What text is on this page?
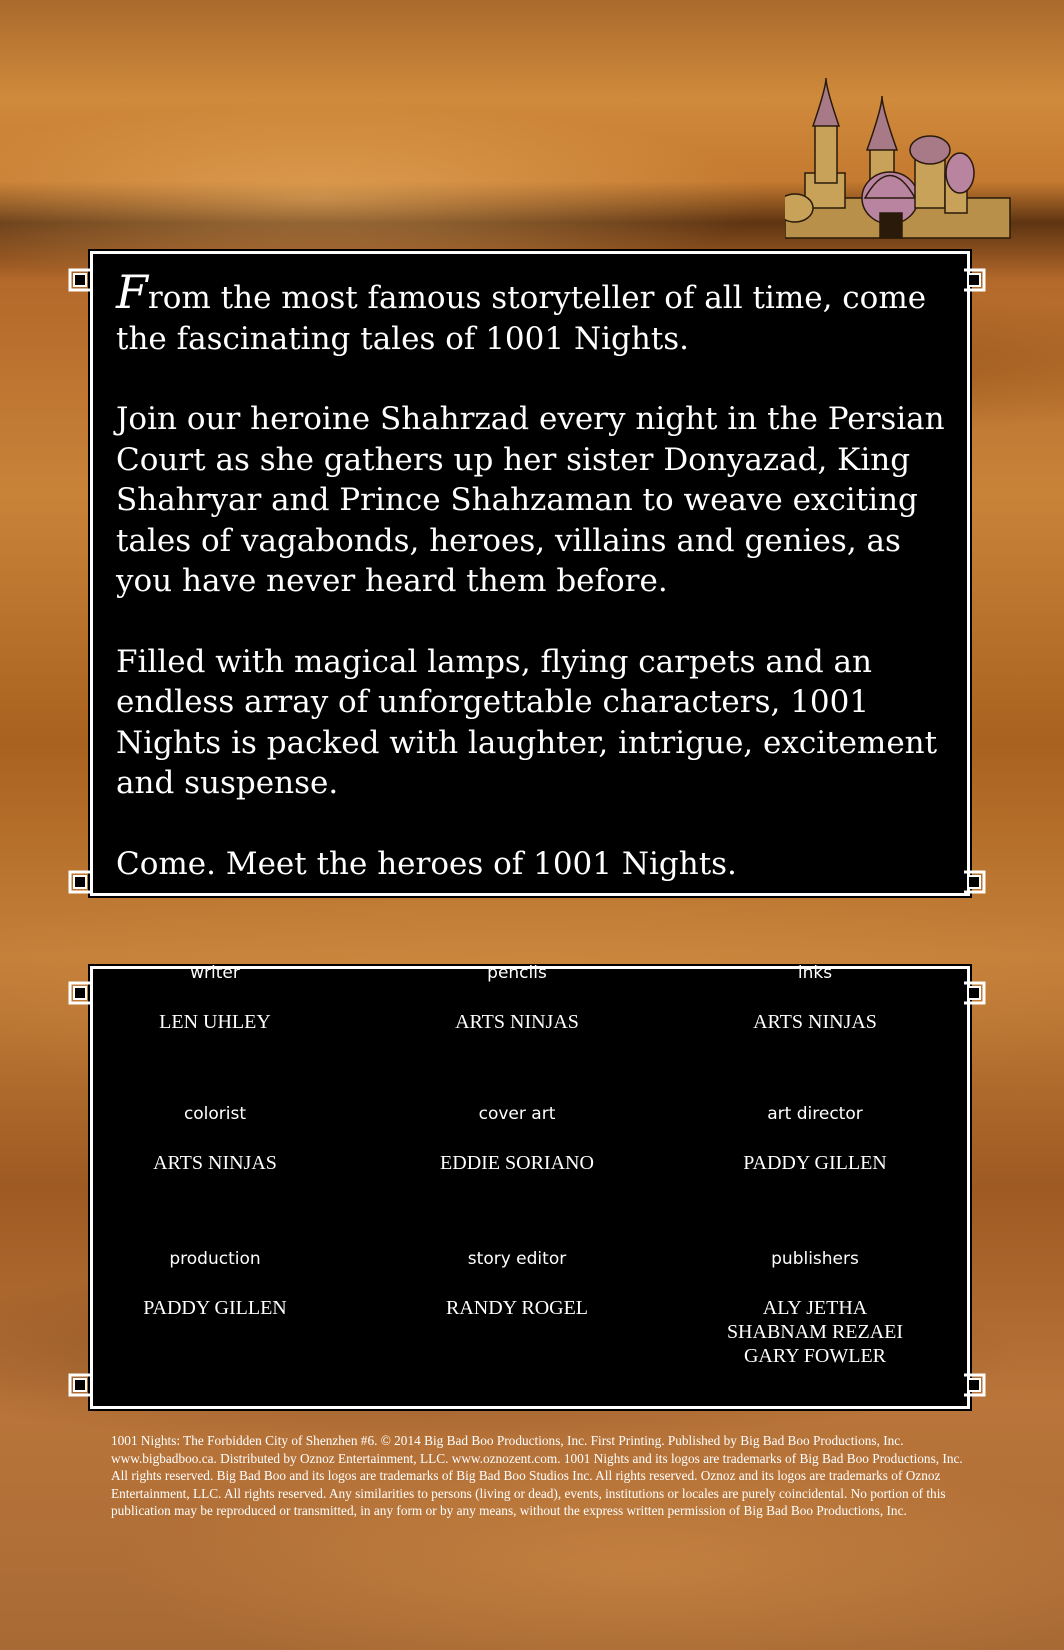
From the most famous storyteller of all time, come the fascinating tales of 1001 Nights.

Join our heroine Shahrzad every night in the Persian Court as she gathers up her sister Donyazad, King Shahryar and Prince Shahzaman to weave exciting tales of vagabonds, heroes, villains and genies, as you have never heard them before.

Filled with magical lamps, flying carpets and an endless array of unforgettable characters, 1001 Nights is packed with laughter, intrigue, excitement and suspense.

Come. Meet the heroes of 1001 Nights.

writer
LEN UHLEY
pencils
ARTS NINJAS
inks
ARTS NINJAS
colorist
ARTS NINJAS
cover art
EDDIE SORIANO
art director
PADDY GILLEN
production
PADDY GILLEN
story editor
RANDY ROGEL
publishers
ALY JETHA
SHABNAM REZAEI
GARY FOWLER
1001 Nights: The Forbidden City of Shenzhen #6. © 2014 Big Bad Boo Productions, Inc. First Printing. Published by Big Bad Boo Productions, Inc. www.bigbadboo.ca. Distributed by Oznoz Entertainment, LLC. www.oznozent.com. 1001 Nights and its logos are trademarks of Big Bad Boo Productions, Inc. All rights reserved. Big Bad Boo and its logos are trademarks of Big Bad Boo Studios Inc. All rights reserved. Oznoz and its logos are trademarks of Oznoz Entertainment, LLC. All rights reserved. Any similarities to persons (living or dead), events, institutions or locales are purely coincidental. No portion of this publication may be reproduced or transmitted, in any form or by any means, without the express written permission of Big Bad Boo Productions, Inc.
